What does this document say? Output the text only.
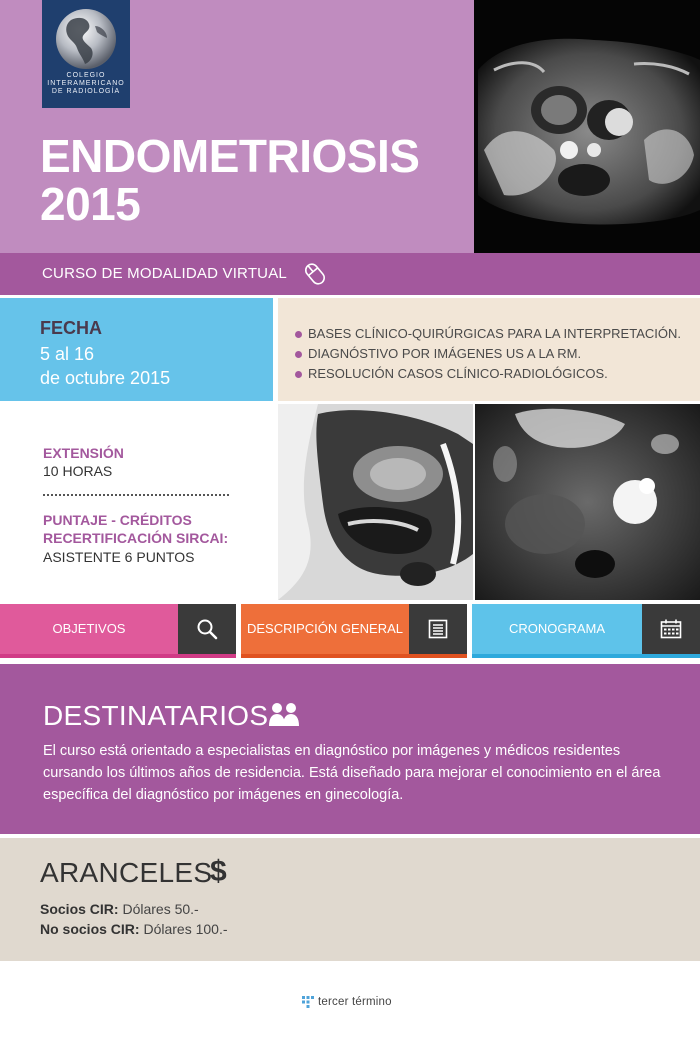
COLEGIO
INTERAMERICANO
DE RADIOLOGÍA
ENDOMETRIOSIS
2015
CURSO DE MODALIDAD VIRTUAL
FECHA
5 al 16
de octubre 2015
BASES CLÍNICO-QUIRÚRGICAS PARA LA INTERPRETACIÓN.
DIAGNÓSTIVO POR IMÁGENES US A LA RM.
RESOLUCIÓN CASOS CLÍNICO-RADIOLÓGICOS.
EXTENSIÓN
10 HORAS
PUNTAJE - CRÉDITOS
RECERTIFICACIÓN SIRCAI:
ASISTENTE 6 PUNTOS
OBJETIVOS	DESCRIPCIÓN GENERAL	CRONOGRAMA
DESTINATARIOS
El curso está orientado a especialistas en diagnóstico por imágenes y médicos residentes cursando los últimos años de residencia. Está diseñado para mejorar el conocimiento en el área específica del diagnóstico por imágenes en ginecología.
ARANCELES
$
Socios CIR: Dólares 50.-
No socios CIR: Dólares 100.-
tercer término
